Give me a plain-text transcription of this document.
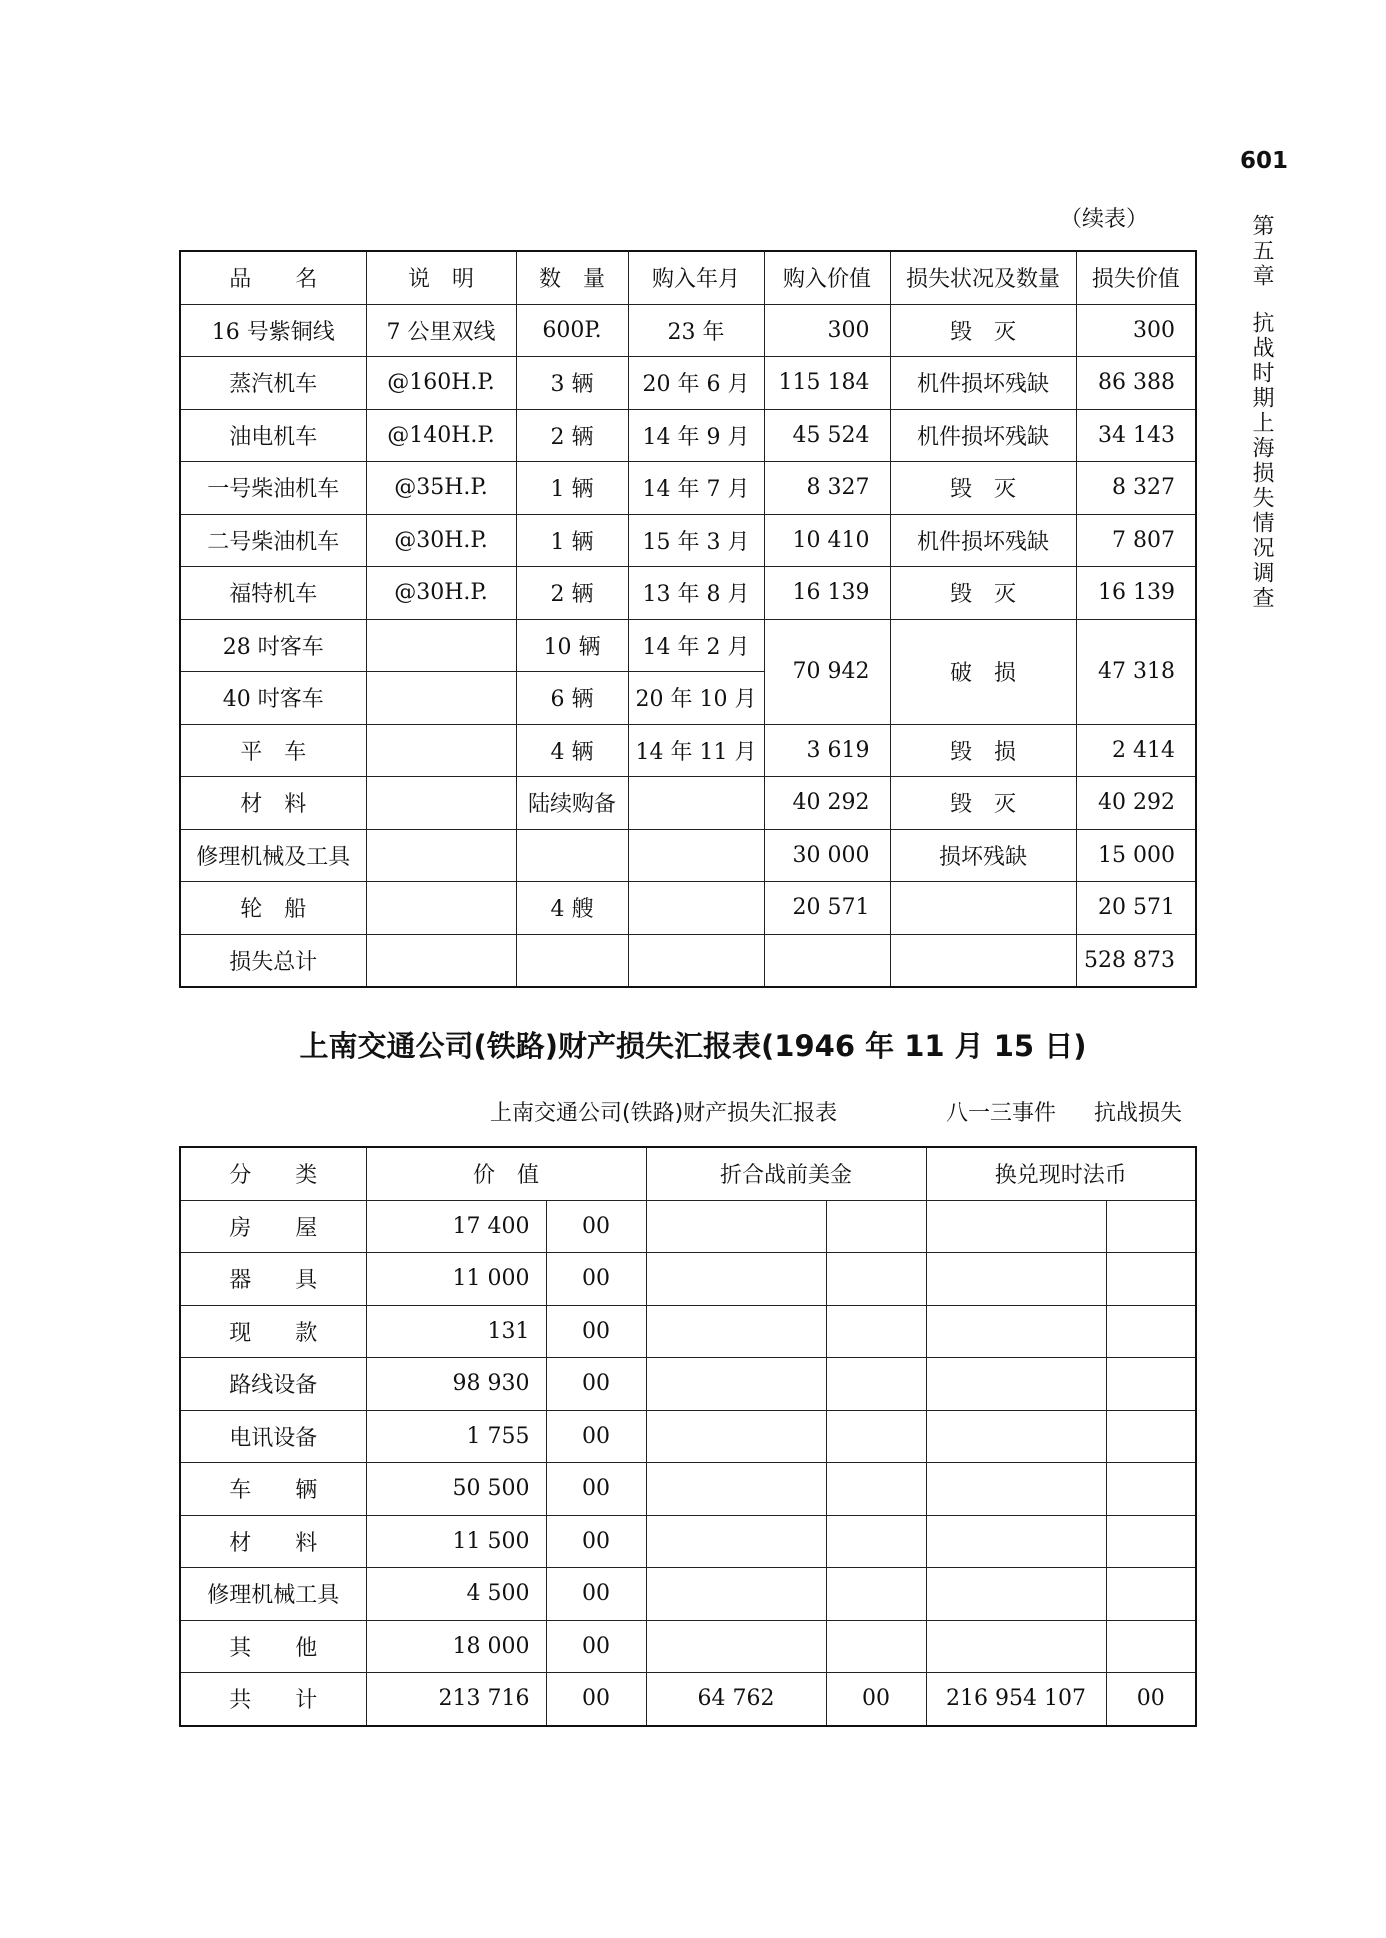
601
第五章抗战时期上海损失情况调查
（续表）
品　　名	说　明	数　量	购入年月	购入价值	损失状况及数量	损失价值
16 号紫铜线	7 公里双线	600P.	23 年	300	毁　灭	300
蒸汽机车	@160H.P.	3 辆	20 年 6 月	115 184	机件损坏残缺	86 388
油电机车	@140H.P.	2 辆	14 年 9 月	45 524	机件损坏残缺	34 143
一号柴油机车	@35H.P.	1 辆	14 年 7 月	8 327	毁　灭	8 327
二号柴油机车	@30H.P.	1 辆	15 年 3 月	10 410	机件损坏残缺	7 807
福特机车	@30H.P.	2 辆	13 年 8 月	16 139	毁　灭	16 139
28 吋客车		10 辆	14 年 2 月	70 942	破　损	47 318
40 吋客车		6 辆	20 年 10 月			
平　车		4 辆	14 年 11 月	3 619	毁　损	2 414
材　料		陆续购备		40 292	毁　灭	40 292
修理机械及工具				30 000	损坏残缺	15 000
轮　船		4 艘		20 571		20 571
损失总计						528 873
上南交通公司(铁路)财产损失汇报表(1946 年 11 月 15 日)
上南交通公司(铁路)财产损失汇报表	八一三事件 抗战损失
分　　类	价　值		折合战前美金		换兑现时法币	
房　　屋	17 400	00				
器　　具	11 000	00				
现　　款	131	00				
路线设备	98 930	00				
电讯设备	1 755	00				
车　　辆	50 500	00				
材　　料	11 500	00				
修理机械工具	4 500	00				
其　　他	18 000	00				
共　　计	213 716	00	64 762	00	216 954 107	00
